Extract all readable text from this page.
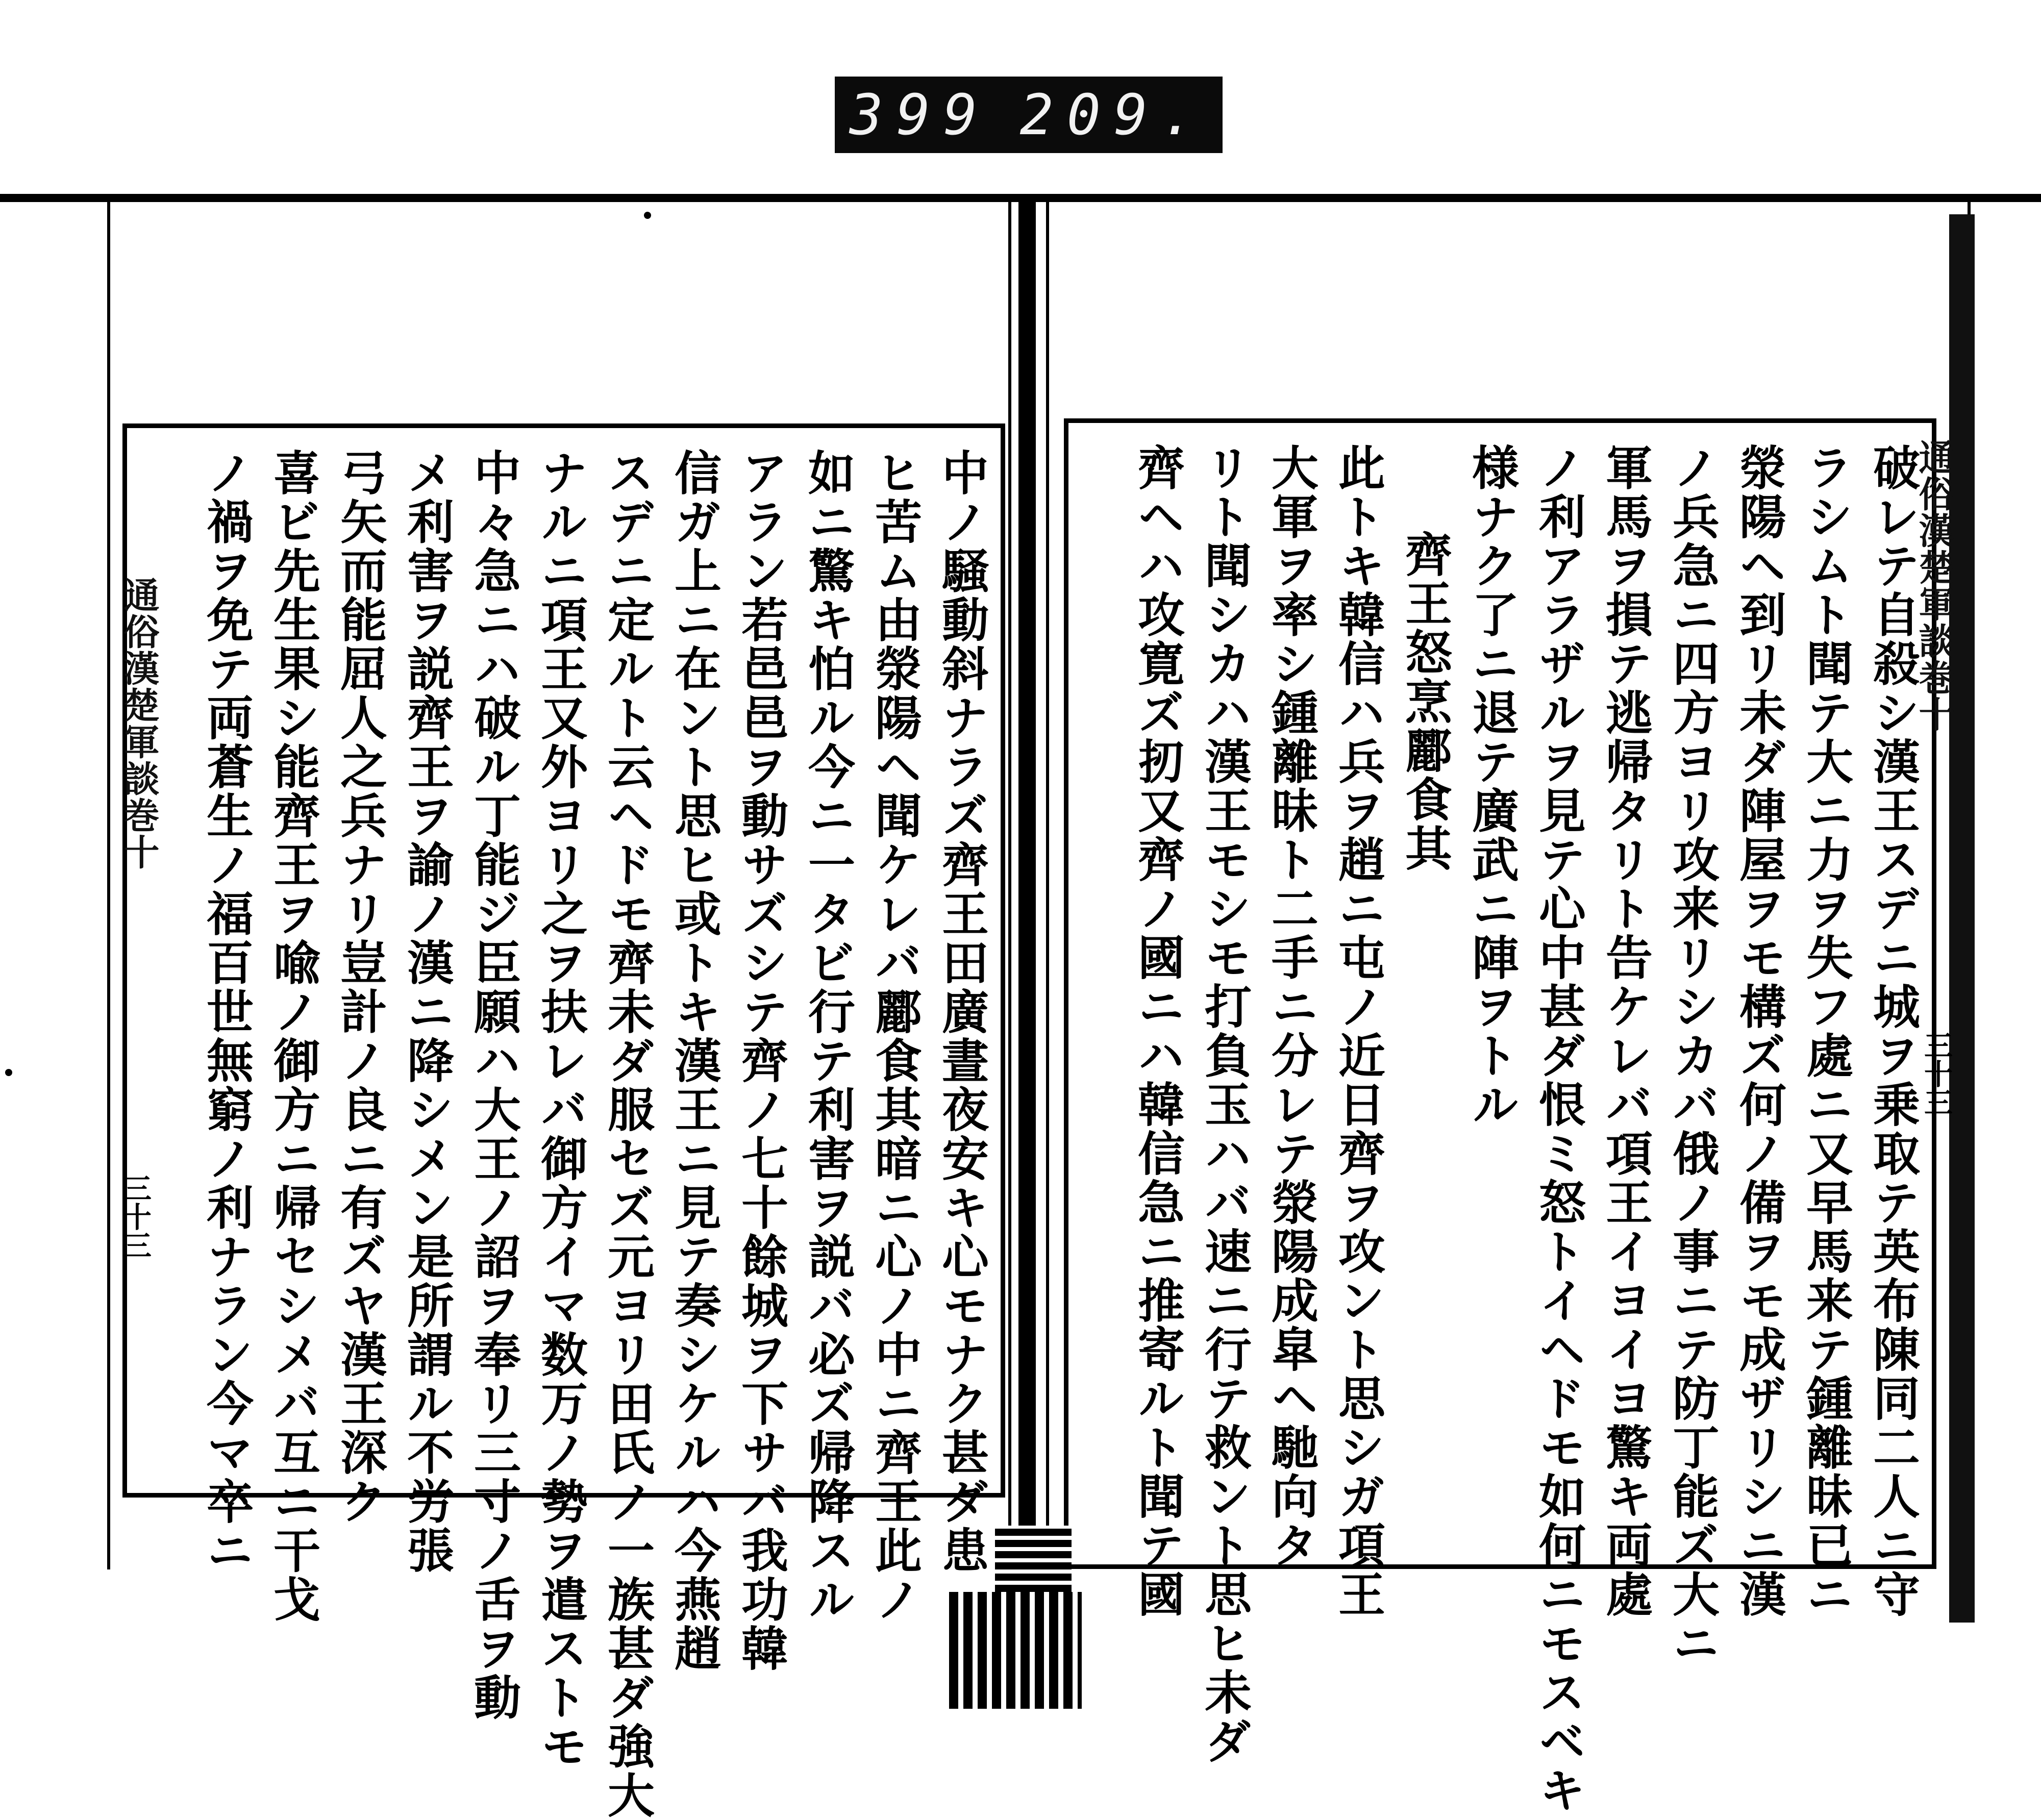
399 209.
中ノ騒動斜ナラズ齊王田廣晝夜安キ心モナク甚ダ患
ヒ苦ム由滎陽ヘ聞ケレバ酈食其暗ニ心ノ中ニ齊王此ノ
如ニ驚キ怕ル今ニ一タビ行テ利害ヲ説バ必ズ帰降スル
アラン若邑邑ヲ動サズシテ齊ノ七十餘城ヲ下サバ我功韓
信ガ上ニ在ント思ヒ或トキ漢王ニ見テ奏シケルハ今燕趙
スデニ定ルト云ヘドモ齊未ダ服セズ元ヨリ田氏ノ一族甚ダ強大
ナルニ項王又外ヨリ之ヲ扶レバ御方イマ数万ノ勢ヲ遣ストモ
中々急ニハ破ル丁能ジ臣願ハ大王ノ詔ヲ奉リ三寸ノ舌ヲ動
メ利害ヲ説齊王ヲ諭ノ漢ニ降シメン是所謂ル不労張
弓矢而能屈人之兵ナリ豈計ノ良ニ有ズヤ漢王深ク
喜ビ先生果シ能齊王ヲ喩ノ御方ニ帰セシメバ互ニ干戈
ノ禍ヲ免テ両蒼生ノ福百世無窮ノ利ナラン今マ卒ニ
通俗漢楚軍談巻十
三十三	破レテ自殺シ漢王スデニ城ヲ乗取テ英布陳同二人ニ守
ラシムト聞テ大ニ力ヲ失フ處ニ又早馬来テ鍾離昧已ニ
滎陽ヘ到リ未ダ陣屋ヲモ構ズ何ノ備ヲモ成ザリシニ漢
ノ兵急ニ四方ヨリ攻来リシカバ俄ノ事ニテ防丁能ズ大ニ
軍馬ヲ損テ逃帰タリト告ケレバ項王イヨイヨ驚キ両處
ノ利アラザルヲ見テ心中甚ダ恨ミ怒トイヘドモ如何ニモスベキ
様ナク了ニ退テ廣武ニ陣ヲトル
齊王怒烹酈食其
此トキ韓信ハ兵ヲ趙ニ屯ノ近日齊ヲ攻ント思シガ項王
大軍ヲ率シ鍾離昧ト二手ニ分レテ滎陽成皐ヘ馳向タ
リト聞シカハ漢王モシモ打負玉ハバ速ニ行テ救ント思ヒ未ダ
齊ヘハ攻寛ズ扨又齊ノ國ニハ韓信急ニ推寄ルト聞テ國	通俗漢楚軍談巻十
三十三
